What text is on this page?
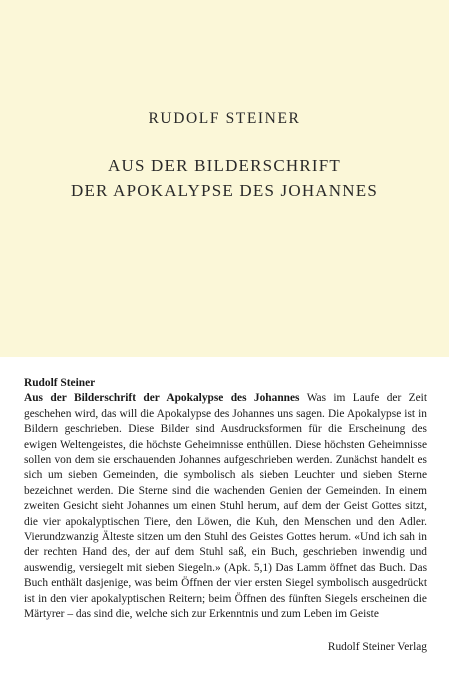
RUDOLF STEINER
AUS DER BILDERSCHRIFT
DER APOKALYPSE DES JOHANNES

Rudolf Steiner
Aus der Bilderschrift der Apokalypse des Johannes Was im Laufe der Zeit geschehen wird, das will die Apokalypse des Johannes uns sagen. Die Apokalypse ist in Bildern geschrieben. Diese Bilder sind Ausdrucksformen für die Erscheinung des ewigen Weltengeistes, die höchste Geheimnisse enthüllen. Diese höchsten Geheimnisse sollen von dem sie erschauenden Johannes aufgeschrieben werden. Zunächst handelt es sich um sieben Gemeinden, die symbolisch als sieben Leuchter und sieben Sterne bezeichnet werden. Die Sterne sind die wachenden Genien der Gemeinden. In einem zweiten Gesicht sieht Johannes um einen Stuhl herum, auf dem der Geist Gottes sitzt, die vier apokalyptischen Tiere, den Löwen, die Kuh, den Menschen und den Adler. Vierundzwanzig Älteste sitzen um den Stuhl des Geistes Gottes herum. «Und ich sah in der rechten Hand des, der auf dem Stuhl saß, ein Buch, geschrieben inwendig und auswendig, versiegelt mit sieben Siegeln.» (Apk. 5,1) Das Lamm öffnet das Buch. Das Buch enthält dasjenige, was beim Öffnen der vier ersten Siegel symbolisch ausgedrückt ist in den vier apokalyptischen Reitern; beim Öffnen des fünften Siegels erscheinen die Märtyrer – das sind die, welche sich zur Erkenntnis und zum Leben im Geiste

Rudolf Steiner Verlag
